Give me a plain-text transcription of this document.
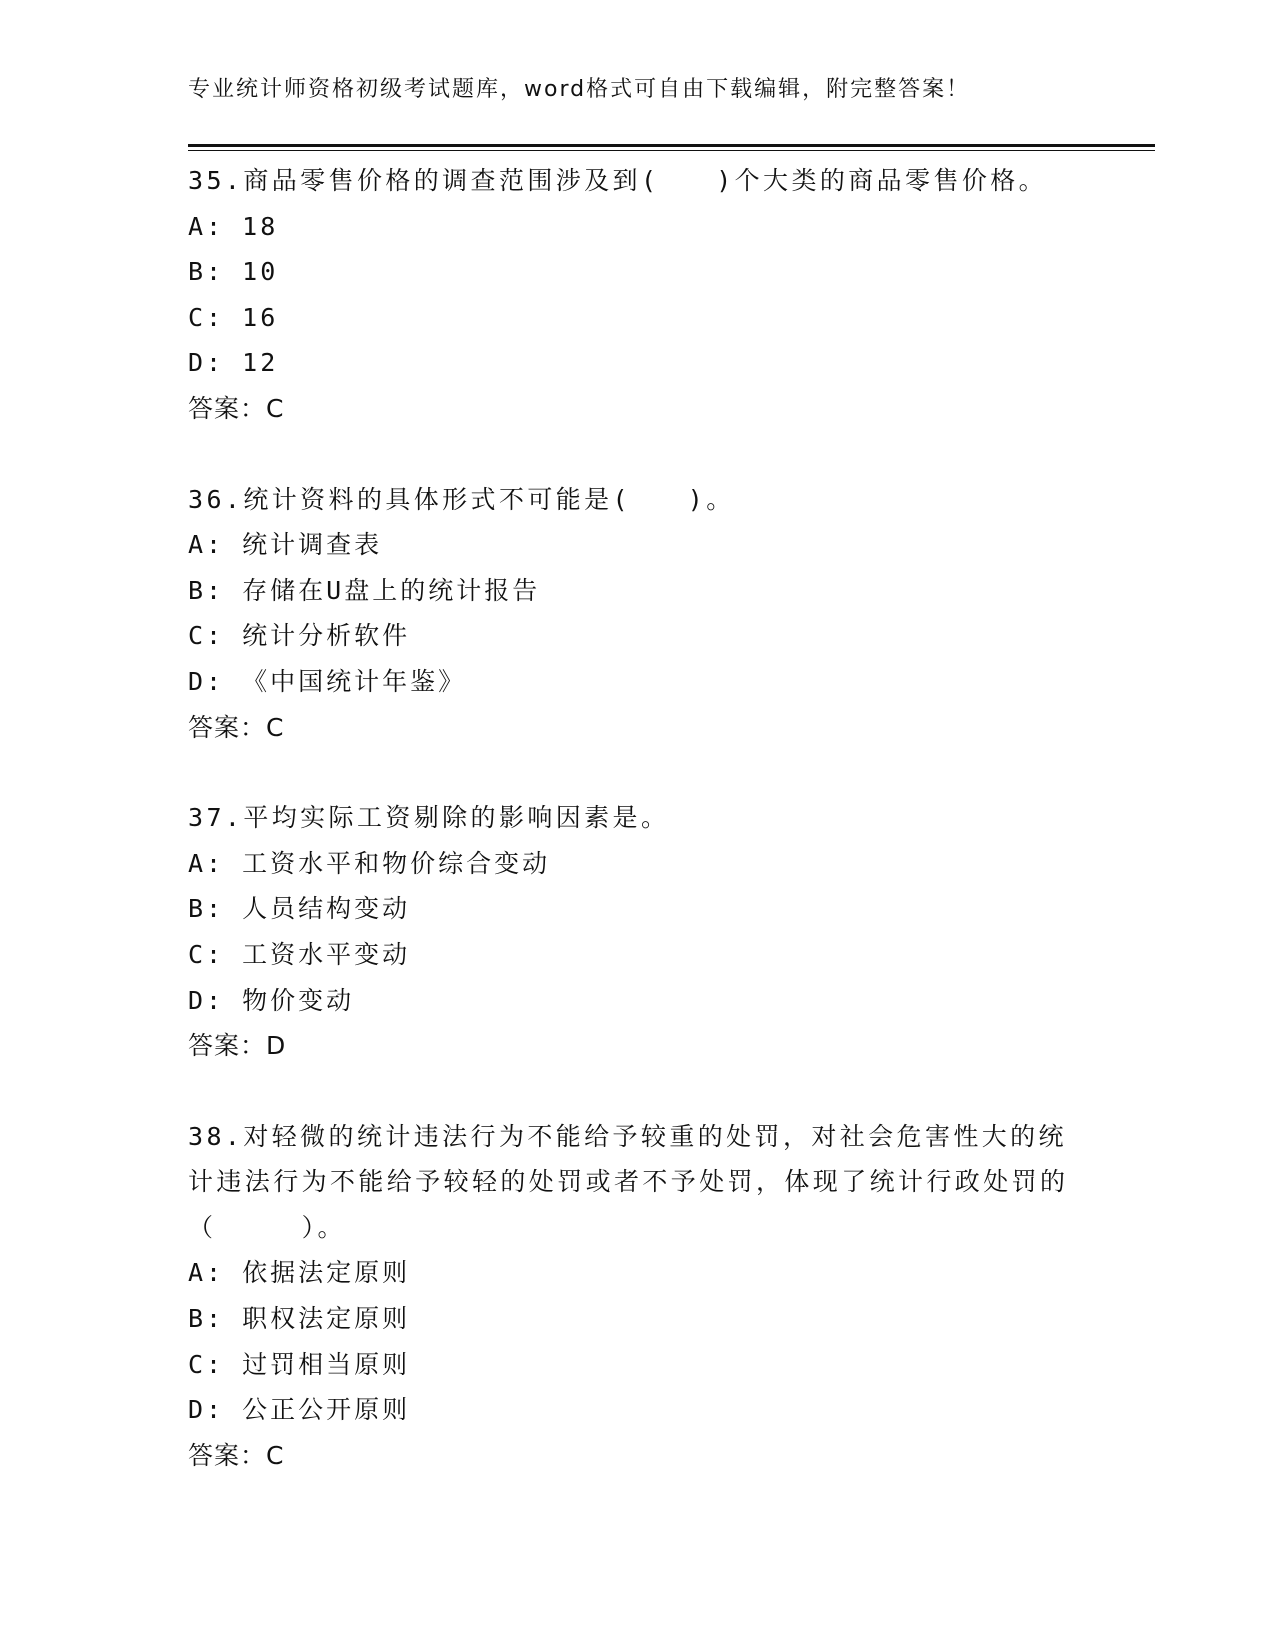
专业统计师资格初级考试题库，word格式可自由下载编辑，附完整答案！
35.商品零售价格的调查范围涉及到(　　)个大类的商品零售价格。
A: 18
B: 10
C: 16
D: 12
答案：C
36.统计资料的具体形式不可能是(　　)。
A: 统计调查表
B: 存储在U盘上的统计报告
C: 统计分析软件
D: 《中国统计年鉴》
答案：C
37.平均实际工资剔除的影响因素是。
A: 工资水平和物价综合变动
B: 人员结构变动
C: 工资水平变动
D: 物价变动
答案：D
38.对轻微的统计违法行为不能给予较重的处罚，对社会危害性大的统计违法行为不能给予较轻的处罚或者不予处罚，体现了统计行政处罚的（　　　）。
A: 依据法定原则
B: 职权法定原则
C: 过罚相当原则
D: 公正公开原则
答案：C
